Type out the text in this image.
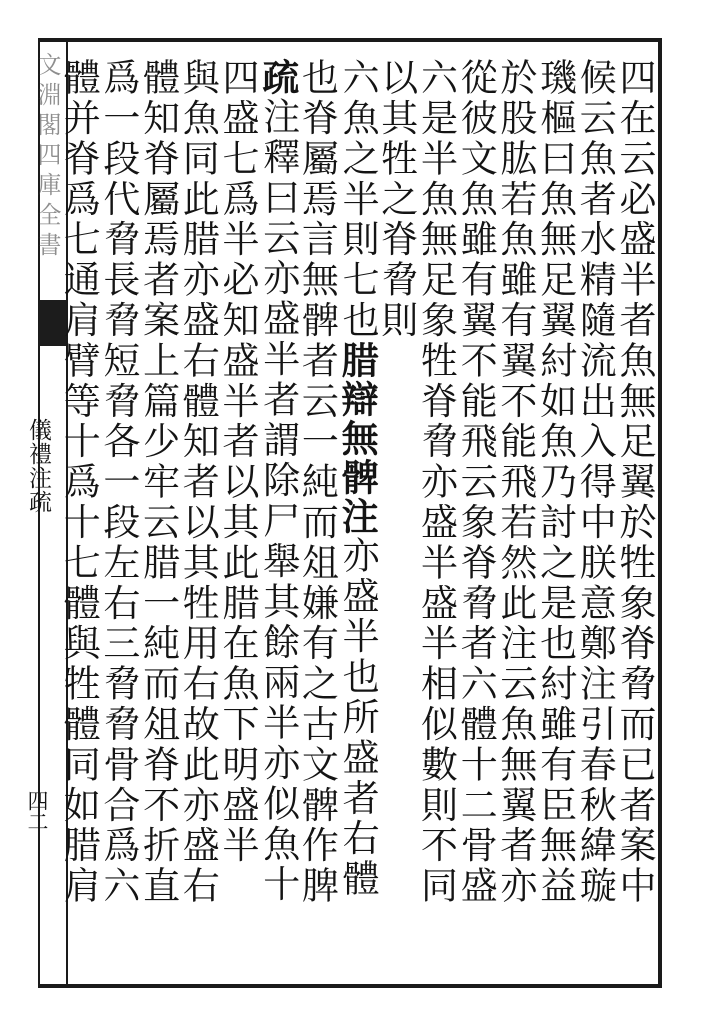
文淵閣四庫全書
儀禮注疏
四二	四在云必盛半者魚無足翼於牲象脊脅而已者案中
候云魚者水精隨流出入得中朕意鄭注引春秋緯璇
璣樞曰魚無足翼紂如魚乃討之是也紂雖有臣無益
於股肱若魚雖有翼不能飛若然此注云魚無翼者亦
從彼文魚雖有翼不能飛云象脊脅者六體十二骨盛
六是半魚無足象牲脊脅亦盛半盛半相似數則不同
以其牲之脊脅則
六魚之半則七也腊辯無髀注亦盛半也所盛者右體
也脊屬焉言無髀者云一純而俎嫌有之古文髀作脾
疏注釋曰云亦盛半者謂除尸舉其餘兩半亦似魚十
四盛七爲半必知盛半者以其此腊在魚下明盛半
與魚同此腊亦盛右體知者以其牲用右故此亦盛右
體知脊屬焉者案上篇少牢云腊一純而俎脊不折直
爲一段代脅長脅短脅各一段左右三脅脅骨合爲六
體并脊爲七通肩臂等十爲十七體與牲體同如腊肩
